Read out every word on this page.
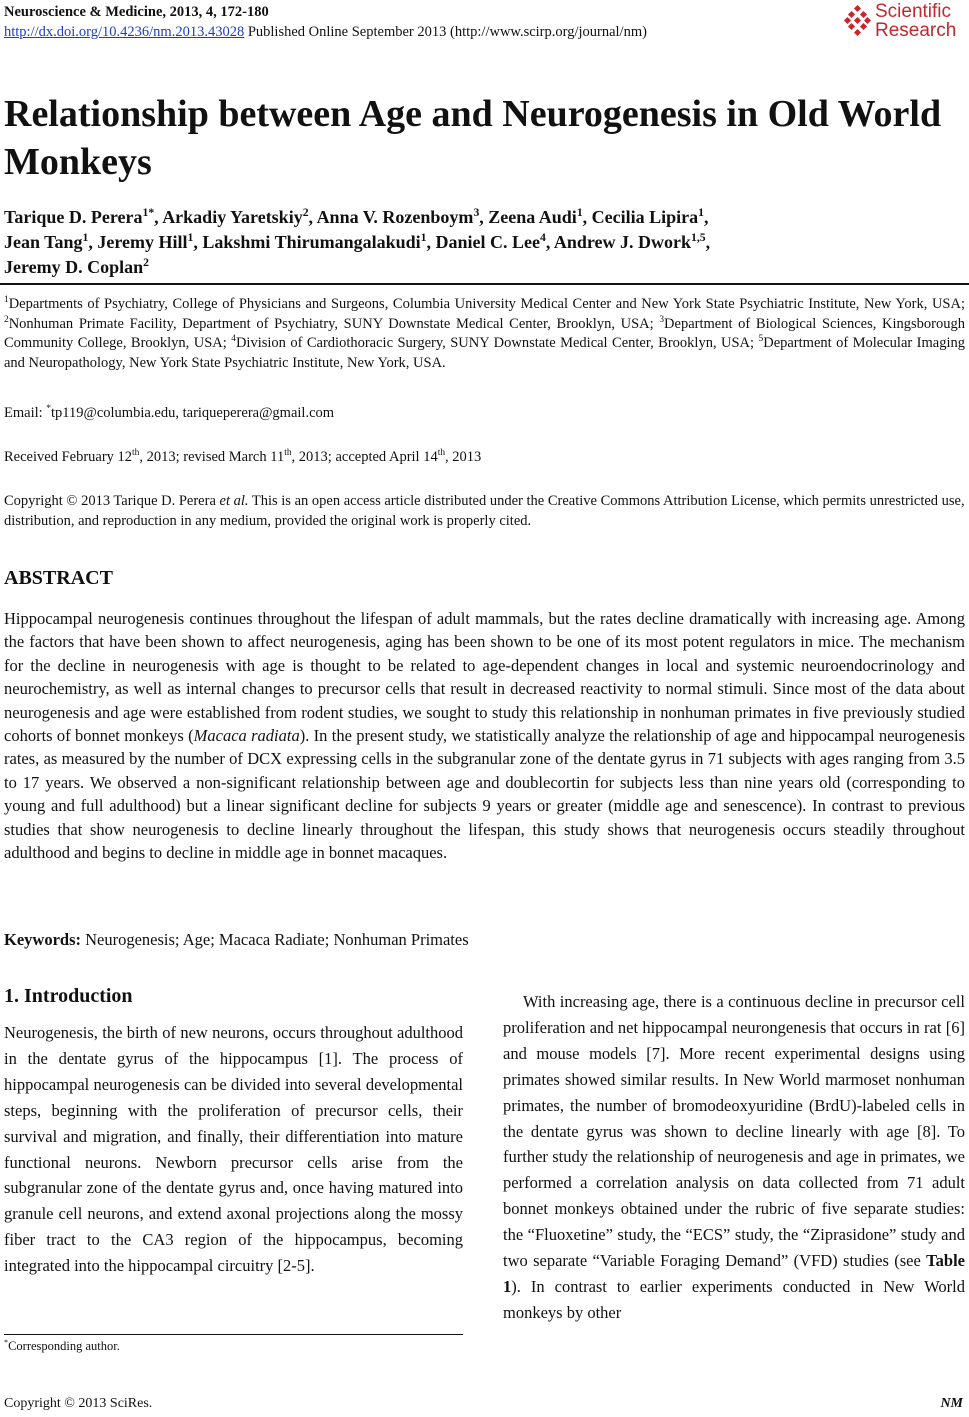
Neuroscience & Medicine, 2013, 4, 172-180
http://dx.doi.org/10.4236/nm.2013.43028 Published Online September 2013 (http://www.scirp.org/journal/nm)
Scientific
Research
Relationship between Age and Neurogenesis in Old World Monkeys
Tarique D. Perera$^{1*}$, Arkadiy Yaretskiy$^2$, Anna V. Rozenboym$^3$, Zeena Audi$^1$, Cecilia Lipira$^1$,
Jean Tang$^1$, Jeremy Hill$^1$, Lakshmi Thirumangalakudi$^1$, Daniel C. Lee$^4$, Andrew J. Dwork$^{1,5}$,
Jeremy D. Coplan$^2$
$^1$Departments of Psychiatry, College of Physicians and Surgeons, Columbia University Medical Center and New York State Psychiatric Institute, New York, USA; $^2$Nonhuman Primate Facility, Department of Psychiatry, SUNY Downstate Medical Center, Brooklyn, USA; $^3$Department of Biological Sciences, Kingsborough Community College, Brooklyn, USA; $^4$Division of Cardiothoracic Surgery, SUNY Downstate Medical Center, Brooklyn, USA; $^5$Department of Molecular Imaging and Neuropathology, New York State Psychiatric Institute, New York, USA.
Email: *tp119@columbia.edu, tariqueperera@gmail.com
Received February 12th, 2013; revised March 11th, 2013; accepted April 14th, 2013
Copyright © 2013 Tarique D. Perera et al. This is an open access article distributed under the Creative Commons Attribution License, which permits unrestricted use, distribution, and reproduction in any medium, provided the original work is properly cited.
ABSTRACT

Hippocampal neurogenesis continues throughout the lifespan of adult mammals, but the rates decline dramatically with increasing age. Among the factors that have been shown to affect neurogenesis, aging has been shown to be one of its most potent regulators in mice. The mechanism for the decline in neurogenesis with age is thought to be related to age-dependent changes in local and systemic neuroendocrinology and neurochemistry, as well as internal changes to precursor cells that result in decreased reactivity to normal stimuli. Since most of the data about neurogenesis and age were established from rodent studies, we sought to study this relationship in nonhuman primates in five previously studied cohorts of bonnet monkeys (Macaca radiata). In the present study, we statistically analyze the relationship of age and hippocampal neurogenesis rates, as measured by the number of DCX expressing cells in the subgranular zone of the dentate gyrus in 71 subjects with ages ranging from 3.5 to 17 years. We observed a non-significant relationship between age and doublecortin for subjects less than nine years old (corresponding to young and full adulthood) but a linear significant decline for subjects 9 years or greater (middle age and senescence). In contrast to previous studies that show neurogenesis to decline linearly throughout the lifespan, this study shows that neurogenesis occurs steadily throughout adulthood and begins to decline in middle age in bonnet macaques.

Keywords: Neurogenesis; Age; Macaca Radiate; Nonhuman Primates
1. Introduction

Neurogenesis, the birth of new neurons, occurs throughout adulthood in the dentate gyrus of the hippocampus [1]. The process of hippocampal neurogenesis can be divided into several developmental steps, beginning with the proliferation of precursor cells, their survival and migration, and finally, their differentiation into mature functional neurons. Newborn precursor cells arise from the subgranular zone of the dentate gyrus and, once having matured into granule cell neurons, and extend axonal projections along the mossy fiber tract to the CA3 region of the hippocampus, becoming integrated into the hippocampal circuitry [2-5].

With increasing age, there is a continuous decline in precursor cell proliferation and net hippocampal neurongenesis that occurs in rat [6] and mouse models [7]. More recent experimental designs using primates showed similar results. In New World marmoset nonhuman primates, the number of bromodeoxyuridine (BrdU)-labeled cells in the dentate gyrus was shown to decline linearly with age [8]. To further study the relationship of neurogenesis and age in primates, we performed a correlation analysis on data collected from 71 adult bonnet monkeys obtained under the rubric of five separate studies: the “Fluoxetine” study, the “ECS” study, the “Ziprasidone” study and two separate “Variable Foraging Demand” (VFD) studies (see Table 1). In contrast to earlier experiments conducted in New World monkeys by other

*Corresponding author.
Copyright © 2013 SciRes.	NM
